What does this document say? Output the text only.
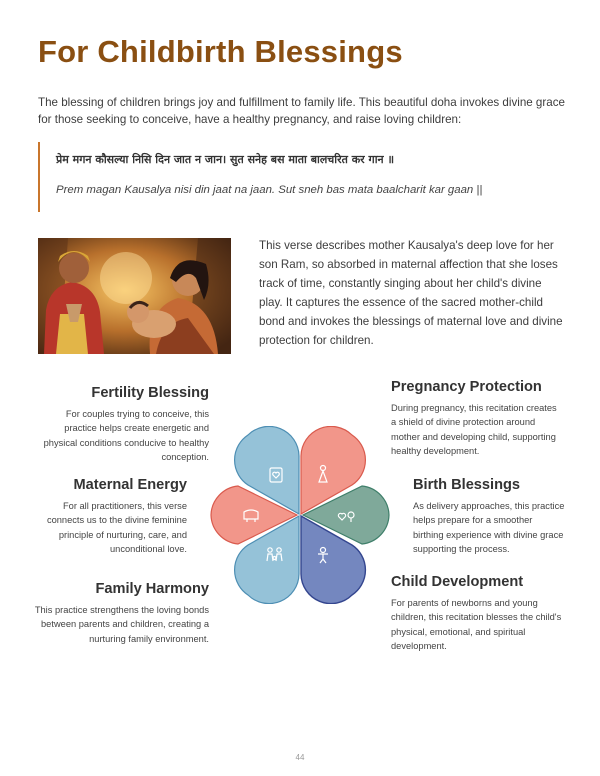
For Childbirth Blessings

The blessing of children brings joy and fulfillment to family life. This beautiful doha invokes divine grace for those seeking to conceive, have a healthy pregnancy, and raise loving children:

प्रेम मगन कौसल्या निसि दिन जात न जान। सुत सनेह बस माता बालचरित कर गान ॥

Prem magan Kausalya nisi din jaat na jaan. Sut sneh bas mata baalcharit kar gaan ||

This verse describes mother Kausalya's deep love for her son Ram, so absorbed in maternal affection that she loses track of time, constantly singing about her child's divine play. It captures the essence of the sacred mother-child bond and invokes the blessings of maternal love and divine protection for children.

Fertility Blessing

For couples trying to conceive, this practice helps create energetic and physical conditions conducive to healthy conception.

Maternal Energy

For all practitioners, this verse connects us to the divine feminine principle of nurturing, care, and unconditional love.

Family Harmony

This practice strengthens the loving bonds between parents and children, creating a nurturing family environment.

Pregnancy Protection

During pregnancy, this recitation creates a shield of divine protection around mother and developing child, supporting healthy development.

Birth Blessings

As delivery approaches, this practice helps prepare for a smoother birthing experience with divine grace supporting the process.

Child Development

For parents of newborns and young children, this recitation blesses the child's physical, emotional, and spiritual development.

44
